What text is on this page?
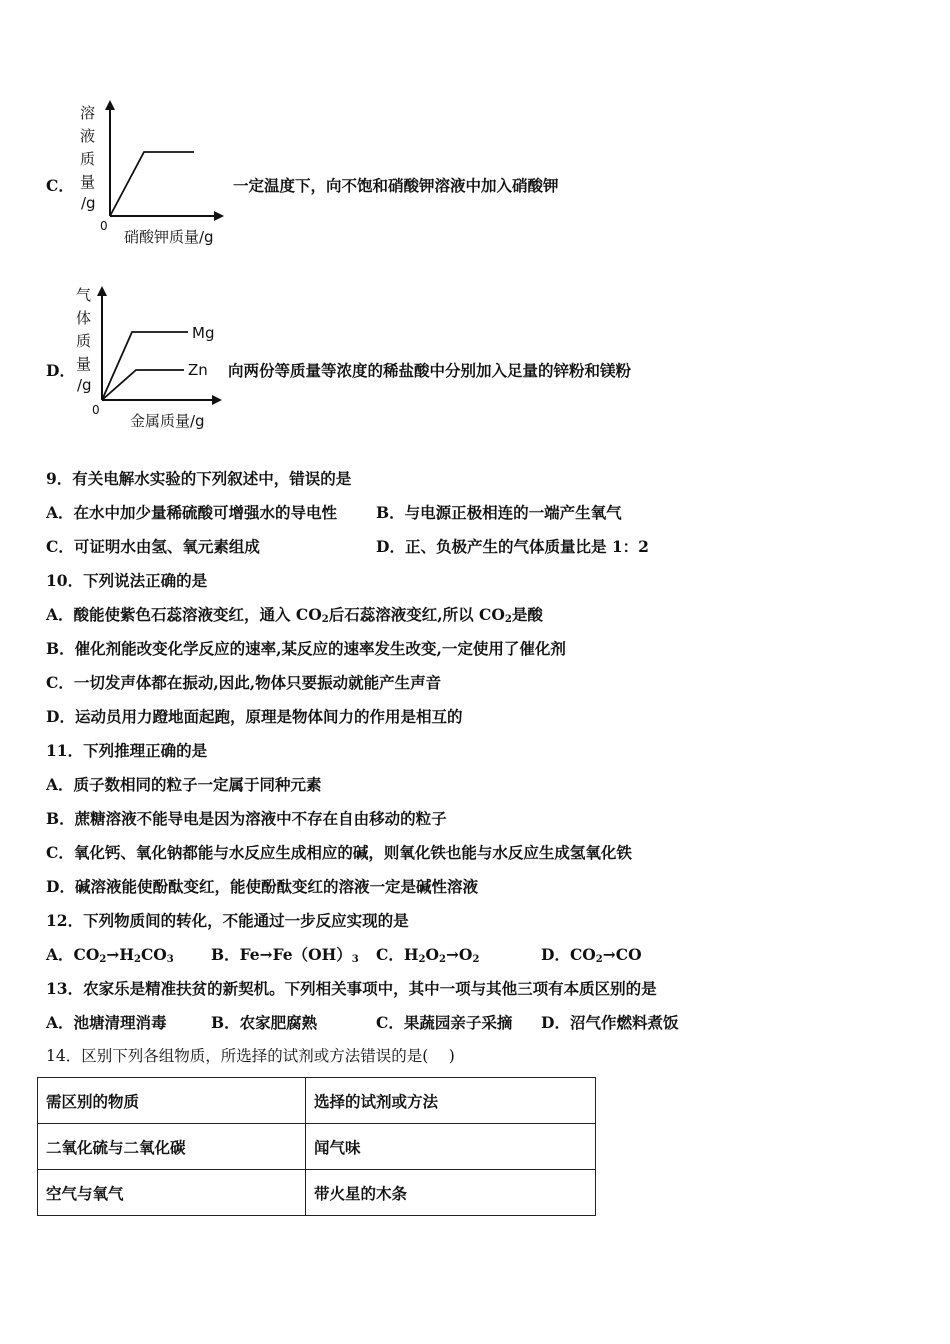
C．
溶
液
质
量
/g
0
硝酸钾质量/g
一定温度下，向不饱和硝酸钾溶液中加入硝酸钾
D．
气
体
质
量
/g
0
金属质量/g
Mg
Zn 向两份等质量等浓度的稀盐酸中分别加入足量的锌粉和镁粉
9．有关电解水实验的下列叙述中，错误的是
A．在水中加少量稀硫酸可增强水的导电性	B．与电源正极相连的一端产生氧气
C．可证明水由氢、氧元素组成	D．正、负极产生的气体质量比是 1：2
10．下列说法正确的是
A．酸能使紫色石蕊溶液变红，通入 $CO_2$后石蕊溶液变红,所以 $CO_2$是酸
B．催化剂能改变化学反应的速率,某反应的速率发生改变,一定使用了催化剂
C．一切发声体都在振动,因此,物体只要振动就能产生声音
D．运动员用力蹬地面起跑，原理是物体间力的作用是相互的
11．下列推理正确的是
A．质子数相同的粒子一定属于同种元素
B．蔗糖溶液不能导电是因为溶液中不存在自由移动的粒子
C．氧化钙、氧化钠都能与水反应生成相应的碱，则氧化铁也能与水反应生成氢氧化铁
D．碱溶液能使酚酞变红，能使酚酞变红的溶液一定是碱性溶液
12．下列物质间的转化，不能通过一步反应实现的是
A．$CO_2\to H_2CO_3$ B．$Fe\to Fe(OH)_3$ C．$H_2O_2\to O_2$	D．$CO_2\to CO$
13．农家乐是精准扶贫的新契机。下列相关事项中，其中一项与其他三项有本质区别的是
A．池塘清理消毒	B．农家肥腐熟	C．果蔬园亲子采摘 D．沼气作燃料煮饭
14．区别下列各组物质，所选择的试剂或方法错误的是(　 )
需区别的物质	选择的试剂或方法
二氧化硫与二氧化碳	闻气味
空气与氧气	带火星的木条
